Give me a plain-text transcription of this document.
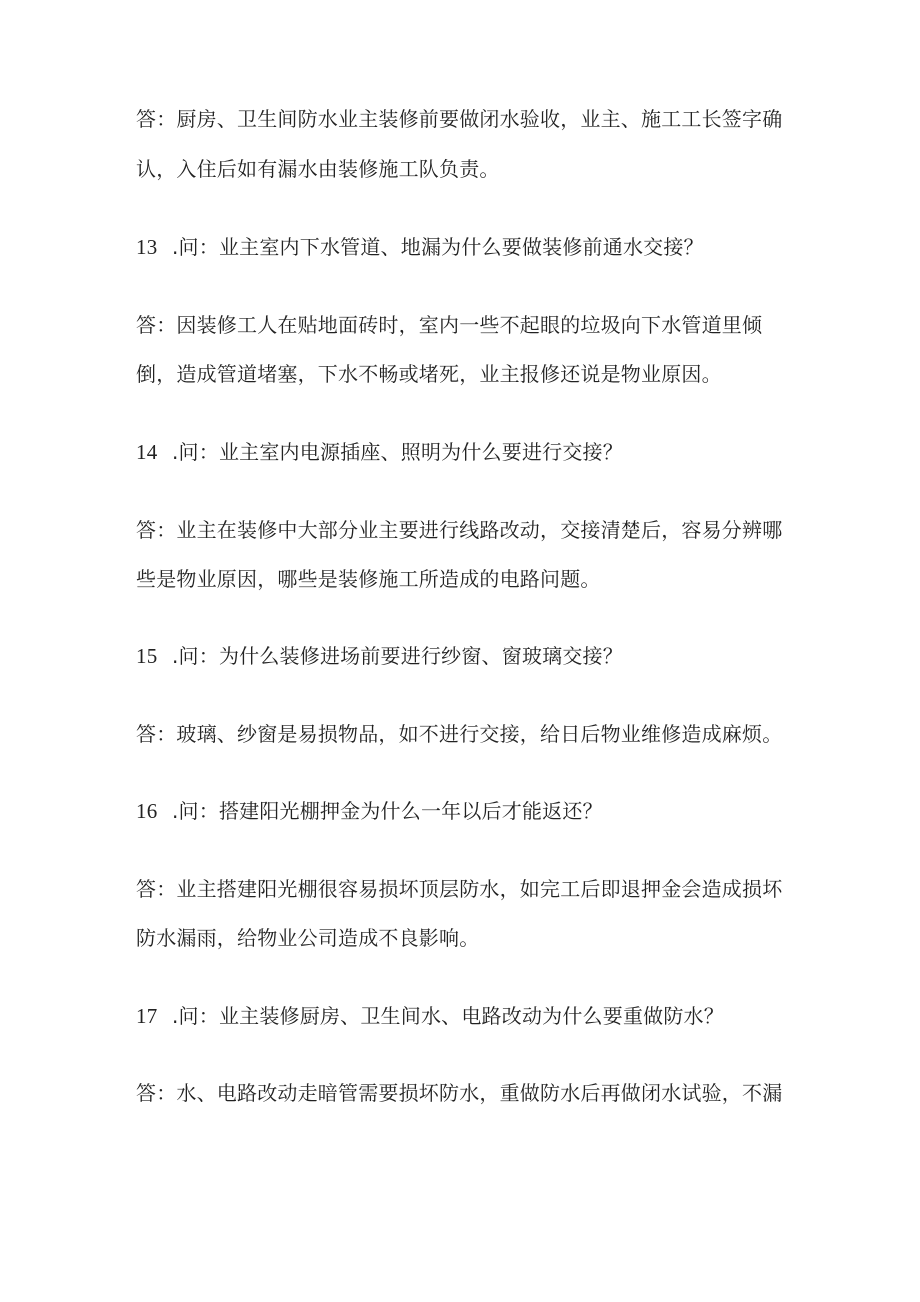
答：厨房、卫生间防水业主装修前要做闭水验收，业主、施工工长签字确
认，入住后如有漏水由装修施工队负责。
13 .问：业主室内下水管道、地漏为什么要做装修前通水交接？
答：因装修工人在贴地面砖时，室内一些不起眼的垃圾向下水管道里倾
倒，造成管道堵塞，下水不畅或堵死，业主报修还说是物业原因。
14 .问：业主室内电源插座、照明为什么要进行交接？
答：业主在装修中大部分业主要进行线路改动，交接清楚后，容易分辨哪
些是物业原因，哪些是装修施工所造成的电路问题。
15 .问：为什么装修进场前要进行纱窗、窗玻璃交接？
答：玻璃、纱窗是易损物品，如不进行交接，给日后物业维修造成麻烦。
16 .问：搭建阳光棚押金为什么一年以后才能返还？
答：业主搭建阳光棚很容易损坏顶层防水，如完工后即退押金会造成损坏
防水漏雨，给物业公司造成不良影响。
17 .问：业主装修厨房、卫生间水、电路改动为什么要重做防水？
答：水、电路改动走暗管需要损坏防水，重做防水后再做闭水试验，不漏
